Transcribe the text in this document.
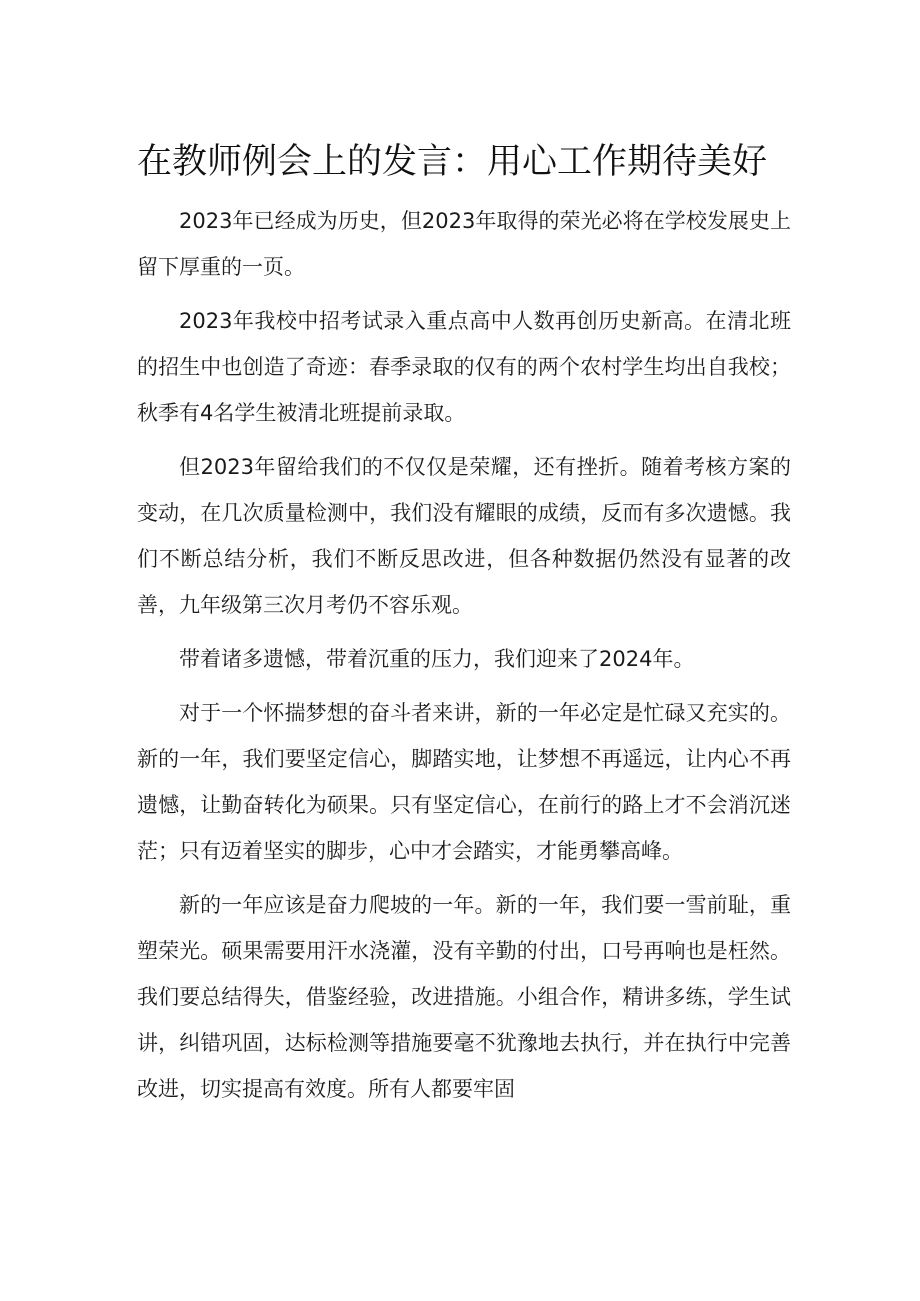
在教师例会上的发言：用心工作期待美好

2023年已经成为历史，但2023年取得的荣光必将在学校发展史上留下厚重的一页。

2023年我校中招考试录入重点高中人数再创历史新高。在清北班的招生中也创造了奇迹：春季录取的仅有的两个农村学生均出自我校；秋季有4名学生被清北班提前录取。

但2023年留给我们的不仅仅是荣耀，还有挫折。随着考核方案的变动，在几次质量检测中，我们没有耀眼的成绩，反而有多次遗憾。我们不断总结分析，我们不断反思改进，但各种数据仍然没有显著的改善，九年级第三次月考仍不容乐观。

带着诸多遗憾，带着沉重的压力，我们迎来了2024年。

对于一个怀揣梦想的奋斗者来讲，新的一年必定是忙碌又充实的。新的一年，我们要坚定信心，脚踏实地，让梦想不再遥远，让内心不再遗憾，让勤奋转化为硕果。只有坚定信心，在前行的路上才不会消沉迷茫；只有迈着坚实的脚步，心中才会踏实，才能勇攀高峰。

新的一年应该是奋力爬坡的一年。新的一年，我们要一雪前耻，重塑荣光。硕果需要用汗水浇灌，没有辛勤的付出，口号再响也是枉然。我们要总结得失，借鉴经验，改进措施。小组合作，精讲多练，学生试讲，纠错巩固，达标检测等措施要毫不犹豫地去执行，并在执行中完善改进，切实提高有效度。所有人都要牢固
